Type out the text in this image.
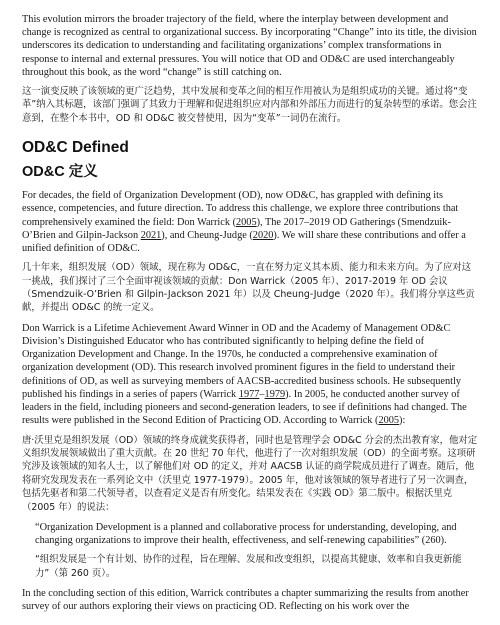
This evolution mirrors the broader trajectory of the field, where the interplay between development and change is recognized as central to organizational success. By incorporating “Change” into its title, the division underscores its dedication to understanding and facilitating organizations’ complex transformations in response to internal and external pressures. You will notice that OD and OD&C are used interchangeably throughout this book, as the word “change” is still catching on.

这一演变反映了该领域的更广泛趋势，其中发展和变革之间的相互作用被认为是组织成功的关键。通过将“变革”纳入其标题，该部门强调了其致力于理解和促进组织应对内部和外部压力而进行的复杂转型的承诺。您会注意到，在整个本书中，OD 和 OD&C 被交替使用，因为“变革”一词仍在流行。

OD&C Defined
OD&C 定义

For decades, the field of Organization Development (OD), now OD&C, has grappled with defining its essence, competencies, and future direction. To address this challenge, we explore three contributions that comprehensively examined the field: Don Warrick (2005), The 2017–2019 OD Gatherings (Smendzuik-O’Brien and Gilpin-Jackson 2021), and Cheung-Judge (2020). We will share these contributions and offer a unified definition of OD&C.

几十年来，组织发展（OD）领域，现在称为 OD&C，一直在努力定义其本质、能力和未来方向。为了应对这一挑战，我们探讨了三个全面审视该领域的贡献：Don Warrick（2005 年）、2017-2019 年 OD 会议（Smendzuik-O’Brien 和 Gilpin-Jackson 2021 年）以及 Cheung-Judge（2020 年）。我们将分享这些贡献，并提出 OD&C 的统一定义。

Don Warrick is a Lifetime Achievement Award Winner in OD and the Academy of Management OD&C Division’s Distinguished Educator who has contributed significantly to helping define the field of Organization Development and Change. In the 1970s, he conducted a comprehensive examination of organization development (OD). This research involved prominent figures in the field to understand their definitions of OD, as well as surveying members of AACSB-accredited business schools. He subsequently published his findings in a series of papers (Warrick 1977–1979). In 2005, he conducted another survey of leaders in the field, including pioneers and second-generation leaders, to see if definitions had changed. The results were published in the Second Edition of Practicing OD. According to Warrick (2005):

唐·沃里克是组织发展（OD）领域的终身成就奖获得者，同时也是管理学会 OD&C 分会的杰出教育家，他对定义组织发展领域做出了重大贡献。在 20 世纪 70 年代，他进行了一次对组织发展（OD）的全面考察。这项研究涉及该领域的知名人士，以了解他们对 OD 的定义，并对 AACSB 认证的商学院成员进行了调查。随后，他将研究发现发表在一系列论文中（沃里克 1977-1979）。2005 年，他对该领域的领导者进行了另一次调查，包括先驱者和第二代领导者，以查看定义是否有所变化。结果发表在《实践 OD》第二版中。根据沃里克（2005 年）的说法：

“Organization Development is a planned and collaborative process for understanding, developing, and changing organizations to improve their health, effectiveness, and self-renewing capabilities” (260).

“组织发展是一个有计划、协作的过程，旨在理解、发展和改变组织，以提高其健康、效率和自我更新能力”（第 260 页）。

In the concluding section of this edition, Warrick contributes a chapter summarizing the results from another survey of our authors exploring their views on practicing OD. Reflecting on his work over the
